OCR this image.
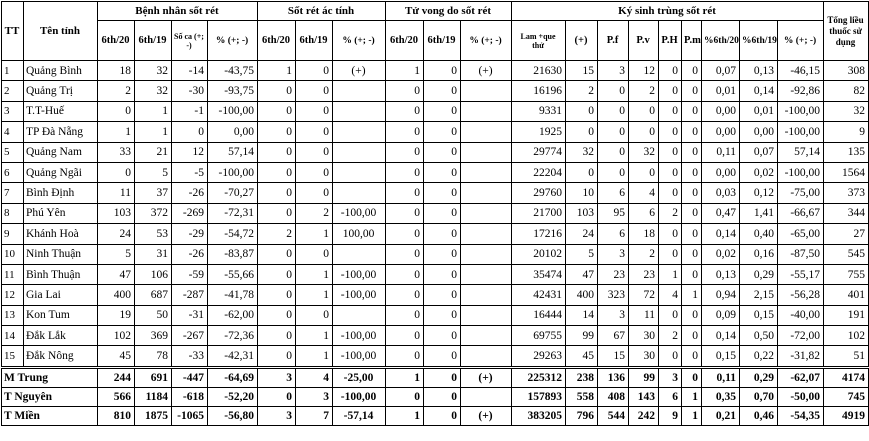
TT	Tên tỉnh	Bệnh nhân sốt rét				Sốt rét ác tính			Tử vong do sốt rét			Ký sinh trùng sốt rét									Tổng liều thuốc sử dụng
		6th/20	6th/19	Số ca (+; -)	% (+; -)	6th/20	6th/19	% (+; -)	6th/20	6th/19	% (+; -)	Lam +que thử	(+)	P.f	P.v	P.H	P.m	%6th/20	%6th/19	% (+; -)	
1	Quảng Bình	18	32	-14	-43,75	1	0	(+)	1	0	(+)	21630	15	3	12	0	0	0,07	0,13	-46,15	308
2	Quảng Trị	2	32	-30	-93,75	0	0		0	0		16196	2	0	2	0	0	0,01	0,14	-92,86	82
3	T.T-Huế	0	1	-1	-100,00	0	0		0	0		9331	0	0	0	0	0	0,00	0,01	-100,00	32
4	TP Đà Nẵng	1	1	0	0,00	0	0		0	0		1925	0	0	0	0	0	0,00	0,00	-100,00	9
5	Quảng Nam	33	21	12	57,14	0	0		0	0		29774	32	0	32	0	0	0,11	0,07	57,14	135
6	Quảng Ngãi	0	5	-5	-100,00	0	0		0	0		22204	0	0	0	0	0	0,00	0,02	-100,00	1564
7	Bình Định	11	37	-26	-70,27	0	0		0	0		29760	10	6	4	0	0	0,03	0,12	-75,00	373
8	Phú Yên	103	372	-269	-72,31	0	2	-100,00	0	0		21700	103	95	6	2	0	0,47	1,41	-66,67	344
9	Khánh Hoà	24	53	-29	-54,72	2	1	100,00	0	0		17216	24	6	18	0	0	0,14	0,40	-65,00	27
10	Ninh Thuận	5	31	-26	-83,87	0	0		0	0		20102	5	3	2	0	0	0,02	0,16	-87,50	545
11	Bình Thuận	47	106	-59	-55,66	0	1	-100,00	0	0		35474	47	23	23	1	0	0,13	0,29	-55,17	755
12	Gia Lai	400	687	-287	-41,78	0	1	-100,00	0	0		42431	400	323	72	4	1	0,94	2,15	-56,28	401
13	Kon Tum	19	50	-31	-62,00	0	0		0	0		16444	14	3	11	0	0	0,09	0,15	-40,00	191
14	Đắk Lắk	102	369	-267	-72,36	0	1	-100,00	0	0		69755	99	67	30	2	0	0,14	0,50	-72,00	102
15	Đắk Nông	45	78	-33	-42,31	0	1	-100,00	0	0		29263	45	15	30	0	0	0,15	0,22	-31,82	51
M Trung		244	691	-447	-64,69	3	4	-25,00	1	0	(+)	225312	238	136	99	3	0	0,11	0,29	-62,07	4174
T Nguyên		566	1184	-618	-52,20	0	3	-100,00	0	0		157893	558	408	143	6	1	0,35	0,70	-50,00	745
T Miền		810	1875	-1065	-56,80	3	7	-57,14	1	0	(+)	383205	796	544	242	9	1	0,21	0,46	-54,35	4919
